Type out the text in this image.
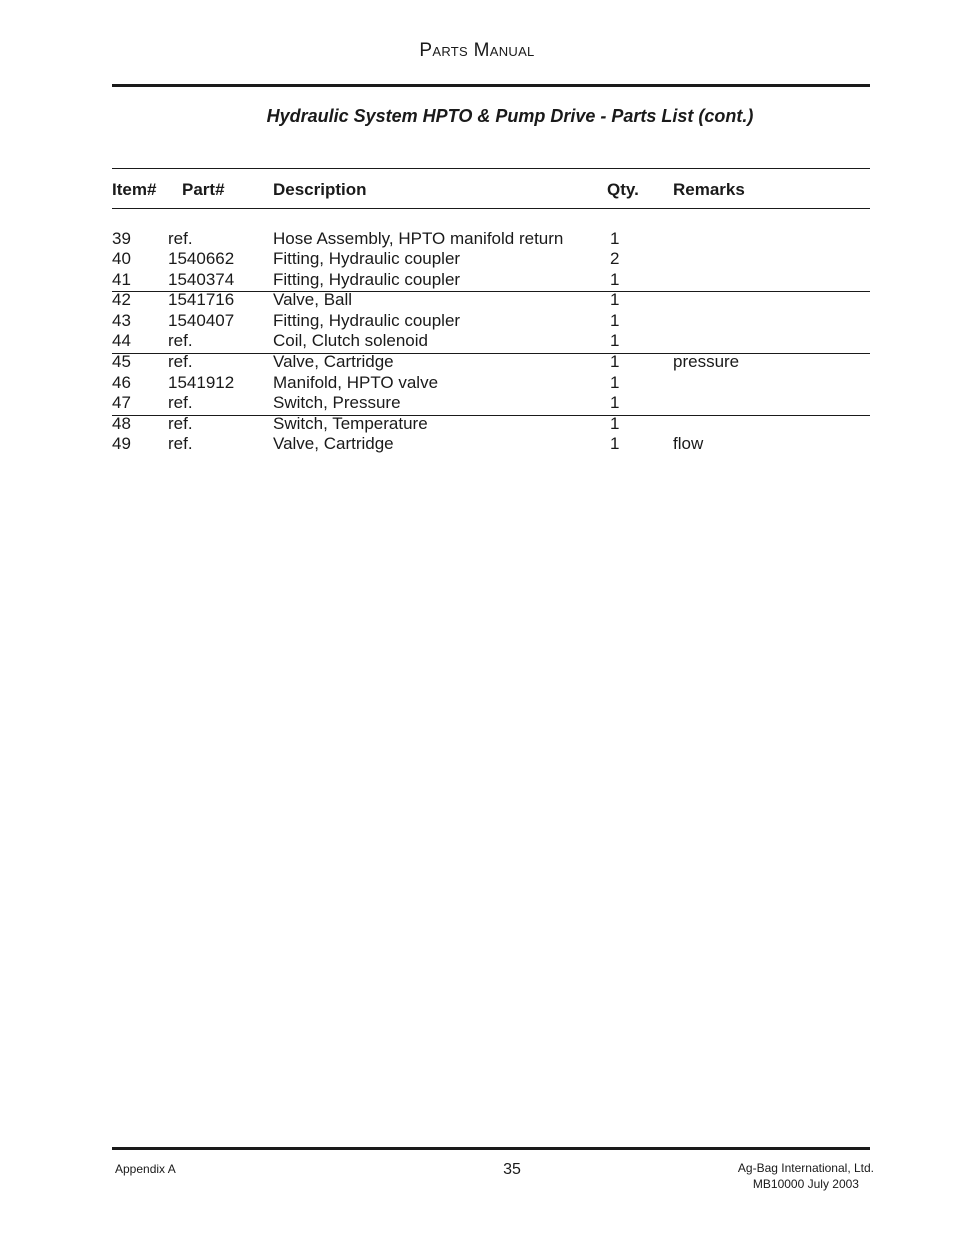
Parts Manual
Hydraulic System HPTO & Pump Drive - Parts List (cont.)
Item# Part#	Description	Qty. Remarks
39 ref.	Hose Assembly, HPTO manifold return	1
40 1540662 Fitting, Hydraulic coupler	2
41 1540374 Fitting, Hydraulic coupler	1
42 1541716 Valve, Ball	1
43 1540407 Fitting, Hydraulic coupler	1
44 ref.	Coil, Clutch solenoid	1
45 ref.	Valve, Cartridge	1	pressure
46 1541912 Manifold, HPTO valve	1
47 ref.	Switch, Pressure	1
48 ref.	Switch, Temperature	1
49 ref.	Valve, Cartridge	1	flow
Appendix A	35	Ag-Bag International, Ltd.
MB10000 July 2003
